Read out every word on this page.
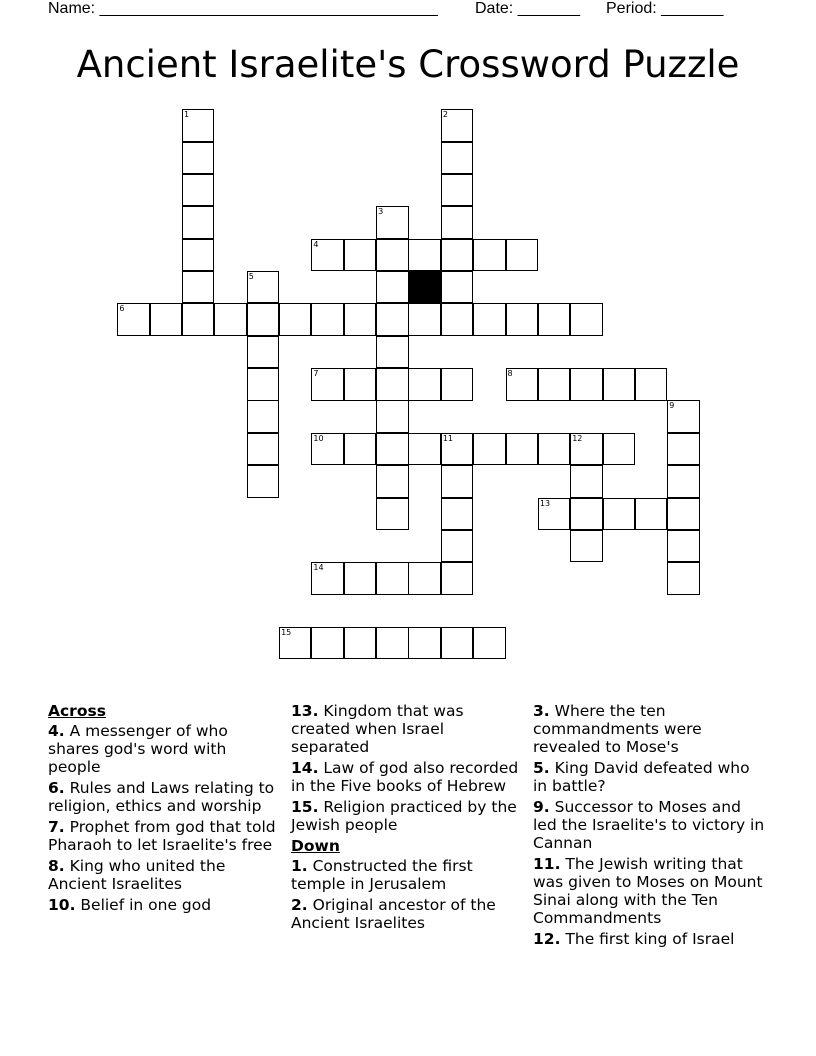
Name: ______________________________________ Date: _______ Period: _______
Ancient Israelite's Crossword Puzzle
1	2
3
4
5
6
7	8
9
10	11	12
13
14
15
Across
4. A messenger of who shares god's word with people
6. Rules and Laws relating to religion, ethics and worship
7. Prophet from god that told Pharaoh to let Israelite's free
8. King who united the Ancient Israelites
10. Belief in one god
13. Kingdom that was created when Israel separated
14. Law of god also recorded in the Five books of Hebrew
15. Religion practiced by the Jewish people
Down
1. Constructed the first temple in Jerusalem
2. Original ancestor of the Ancient Israelites
3. Where the ten commandments were revealed to Mose's
5. King David defeated who in battle?
9. Successor to Moses and led the Israelite's to victory in Cannan
11. The Jewish writing that was given to Moses on Mount Sinai along with the Ten Commandments
12. The first king of Israel
